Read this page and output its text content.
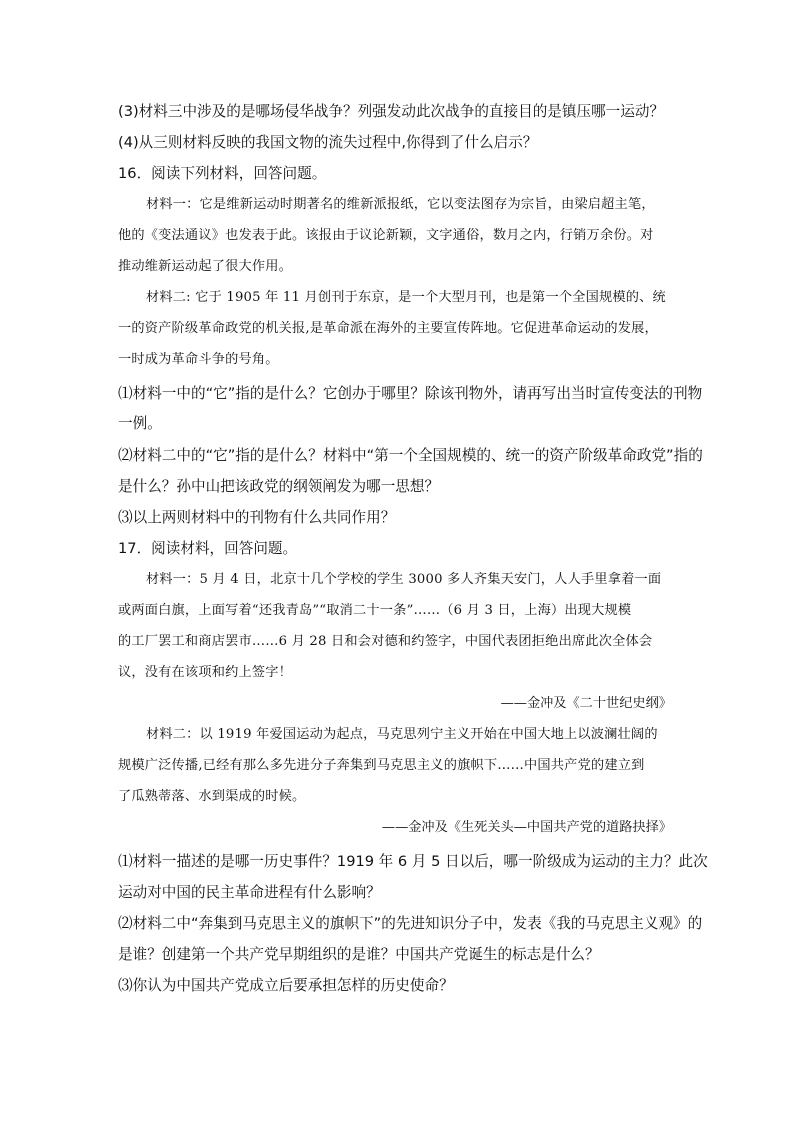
(3)材料三中涉及的是哪场侵华战争？列强发动此次战争的直接目的是镇压哪一运动？
(4)从三则材料反映的我国文物的流失过程中,你得到了什么启示？
16．阅读下列材料，回答问题。
材料一：它是维新运动时期著名的维新派报纸，它以变法图存为宗旨，由梁启超主笔，
他的《变法通议》也发表于此。该报由于议论新颖，文字通俗，数月之内，行销万余份。对
推动维新运动起了很大作用。
材料二: 它于 1905 年 11 月创刊于东京，是一个大型月刊，也是第一个全国规模的、统
一的资产阶级革命政党的机关报,是革命派在海外的主要宣传阵地。它促进革命运动的发展，
一时成为革命斗争的号角。
⑴材料一中的“它”指的是什么？它创办于哪里？除该刊物外，请再写出当时宣传变法的刊物
一例。
⑵材料二中的“它”指的是什么？材料中“第一个全国规模的、统一的资产阶级革命政党”指的
是什么？孙中山把该政党的纲领阐发为哪一思想？
⑶以上两则材料中的刊物有什么共同作用？
17．阅读材料，回答问题。
材料一：5 月 4 日，北京十几个学校的学生 3000 多人齐集天安门，人人手里拿着一面
或两面白旗，上面写着“还我青岛”“取消二十一条”……（6 月 3 日，上海）出现大规模
的工厂罢工和商店罢市……6 月 28 日和会对德和约签字，中国代表团拒绝出席此次全体会
议，没有在该项和约上签字！
——金冲及《二十世纪史纲》
材料二：以 1919 年爱国运动为起点，马克思列宁主义开始在中国大地上以波澜壮阔的
规模广泛传播,已经有那么多先进分子奔集到马克思主义的旗帜下……中国共产党的建立到
了瓜熟蒂落、水到渠成的时候。
——金冲及《生死关头—中国共产党的道路抉择》
⑴材料一描述的是哪一历史事件？1919 年 6 月 5 日以后，哪一阶级成为运动的主力？此次
运动对中国的民主革命进程有什么影响？
⑵材料二中“奔集到马克思主义的旗帜下”的先进知识分子中，发表《我的马克思主义观》的
是谁？创建第一个共产党早期组织的是谁？中国共产党诞生的标志是什么？
⑶你认为中国共产党成立后要承担怎样的历史使命？
